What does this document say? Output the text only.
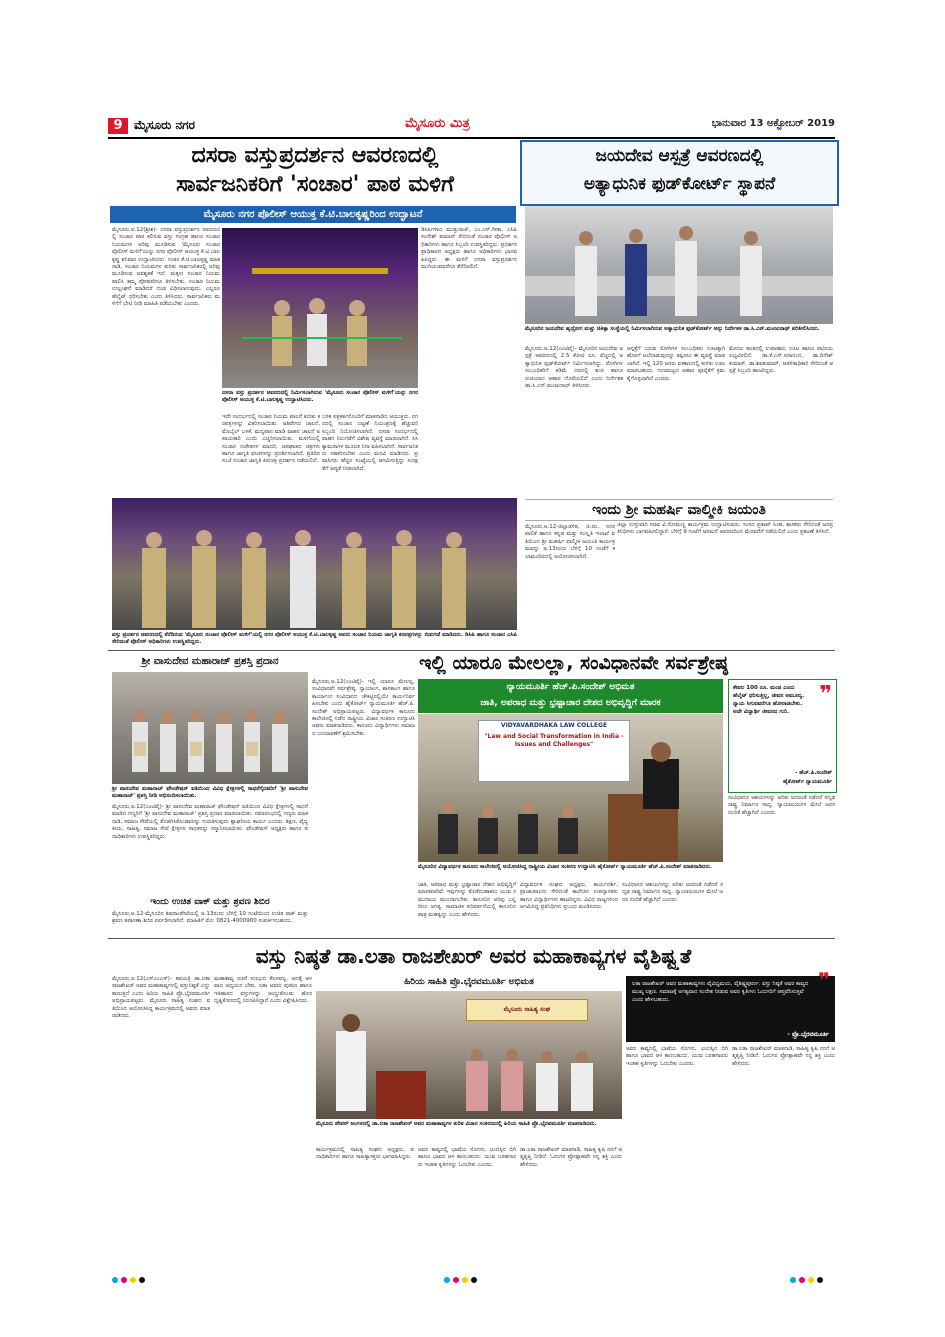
9 ಮೈಸೂರು ನಗರ	ಮೈಸೂರು ಮಿತ್ರ	ಭಾನುವಾರ 13 ಅಕ್ಟೋಬರ್ 2019
ದಸರಾ ವಸ್ತುಪ್ರದರ್ಶನ ಆವರಣದಲ್ಲಿ
ಸಾರ್ವಜನಿಕರಿಗೆ 'ಸಂಚಾರ' ಪಾಠ ಮಳಿಗೆ
ಮೈಸೂರು ನಗರ ಪೊಲೀಸ್ ಆಯುಕ್ತ ಕೆ.ಟಿ.ಬಾಲಕೃಷ್ಣರಿಂದ ಉದ್ಘಾಟನೆ
ಮೈಸೂರು,ಅ.12(ಶ್ರೀಶ)- ದಸರಾ ವಸ್ತುಪ್ರದರ್ಶನ ಆವರಣದಲ್ಲಿ ಸಂಚಾರ ಪಾಠ ಕಲಿಸುವ ವಸ್ತು ಸಂಗ್ರಹ ಹಾಗೂ ಸಂಚಾರ ನಿಯಮಗಳ ಅರಿವು ಮೂಡಿಸುವ 'ಮೈಸೂರು ಸಂಚಾರ ಪೊಲೀಸ್ ಮಳಿಗೆ'ಯನ್ನು ನಗರ ಪೊಲೀಸ್ ಆಯುಕ್ತ ಕೆ.ಟಿ.ಬಾಲಕೃಷ್ಣ ಶನಿವಾರ ಉದ್ಘಾಟಿಸಿದರು. ನಂತರ ಕೆ.ಟಿ.ಬಾಲಕೃಷ್ಣ ಮಾತನಾಡಿ, ಸಂಚಾರ ನಿಯಮಗಳ ಕುರಿತು ಸಾರ್ವಜನಿಕರಲ್ಲಿ ಅರಿವು ಮೂಡಿಸುವ ಅವಶ್ಯಕತೆ ಇದೆ. ಮಕ್ಕಳು ಸಂಚಾರ ನಿಯಮ ಪಾಲಿಸಿ ತಮ್ಮ ಪೋಷಕರಿಗೂ ತಿಳಿಸಬೇಕು. ಸಂಚಾರ ನಿಯಮ ಉಲ್ಲಂಘನೆ ಮಾಡಿದರೆ ದಂಡ ವಿಧಿಸಲಾಗುವುದು. ಎಲ್ಲರೂ ಹೆಲ್ಮೆಟ್ ಧರಿಸಬೇಕು ಎಂದು ತಿಳಿಸಿದರು. ಸಾರ್ವಜನಿಕರು ಮಳಿಗೆಗೆ ಭೇಟಿ ನೀಡಿ ಮಾಹಿತಿ ಪಡೆಯಬೇಕು ಎಂದರು.
ದಸರಾ ವಸ್ತು ಪ್ರದರ್ಶನ ಆವರಣದಲ್ಲಿ ನಿರ್ಮಿಸಲಾಗಿರುವ 'ಮೈಸೂರು ಸಂಚಾರ ಪೊಲೀಸ್ ಮಳಿಗೆ'ಯನ್ನು ನಗರ ಪೊಲೀಸ್ ಆಯುಕ್ತ ಕೆ.ಟಿ.ಬಾಲಕೃಷ್ಣ ಉದ್ಘಾಟಿಸಿದರು.
ಡಿಸಿಪಿಗಳಾದ ಮುತ್ತುರಾಜ್, ಎಂ.ಎಸ್.ಗೀತಾ, ಎಸಿಪಿ ಸಂದೇಶ್ ಕುಮಾರ್ ಸೇರಿದಂತೆ ಸಂಚಾರ ಪೊಲೀಸ್ ಅಧಿಕಾರಿಗಳು ಹಾಗೂ ಸಿಬ್ಬಂದಿ ಉಪಸ್ಥಿತರಿದ್ದರು. ಪ್ರದರ್ಶನ ಪ್ರಾಧಿಕಾರದ ಅಧ್ಯಕ್ಷರು ಹಾಗೂ ಅಧಿಕಾರಿಗಳು ಭಾಗವಹಿಸಿದ್ದರು. ಈ ಮಳಿಗೆ ದಸರಾ ವಸ್ತುಪ್ರದರ್ಶನ ಮುಗಿಯುವವರೆಗೂ ತೆರೆದಿರಲಿದೆ.
ಇದೇ ಸಂದರ್ಭದಲ್ಲಿ ಸಂಚಾರ ನಿಯಮ ಪಾಲನೆ ಕುರಿತು ಕರಪತ್ರಗಳನ್ನು ವಿತರಿಸಲಾಯಿತು. ಅತಿವೇಗದ ಚಾಲನೆ, ಮೊಬೈಲ್ ಬಳಕೆ, ಮದ್ಯಪಾನ ಮಾಡಿ ವಾಹನ ಚಾಲನೆ ಅಪಾಯಕಾರಿ ಎಂದು ಎಚ್ಚರಿಸಲಾಯಿತು. ಮಳಿಗೆಯಲ್ಲಿ ಸಂಚಾರ ಸಂಕೇತಗಳ ಮಾದರಿ, ಅಪಘಾತದ ಚಿತ್ರಗಳು ಹಾಗೂ ಜಾಗೃತಿ ಫಲಕಗಳನ್ನು ಪ್ರದರ್ಶಿಸಲಾಗಿದೆ. ಪ್ರತಿದಿನ ಸಂಜೆ ಸಂಚಾರ ಜಾಗೃತಿ ಕಿರುಚಿತ್ರ ಪ್ರದರ್ಶನ ನಡೆಯಲಿದೆ.
ಬಳಿಕ ಪತ್ರಕರ್ತರೊಂದಿಗೆ ಮಾತನಾಡಿದ ಆಯುಕ್ತರು, ನಗರದಲ್ಲಿ ಸಂಚಾರ ದಟ್ಟಣೆ ನಿಯಂತ್ರಣಕ್ಕೆ ಹೆಚ್ಚುವರಿ ಸಿಬ್ಬಂದಿ ನಿಯೋಜಿಸಲಾಗಿದೆ. ದಸರಾ ಸಂದರ್ಭದಲ್ಲಿ ವಾಹನ ನಿಲುಗಡೆಗೆ ವಿಶೇಷ ವ್ಯವಸ್ಥೆ ಮಾಡಲಾಗಿದೆ. ಸಿಸಿ ಕ್ಯಾಮರಾಗಳ ಮೂಲಕ ನಿಗಾ ವಹಿಸಲಾಗಿದೆ. ಸಾರ್ವಜನಿಕರು ಸಹಕರಿಸಬೇಕು ಎಂದು ಮನವಿ ಮಾಡಿದರು. ಪ್ರವಾಸಿಗರು ಹೆಚ್ಚಿನ ಸಂಖ್ಯೆಯಲ್ಲಿ ಆಗಮಿಸುತ್ತಿದ್ದು ಸುರಕ್ಷತೆಗೆ ಆದ್ಯತೆ ನೀಡಲಾಗಿದೆ.
ವಸ್ತು ಪ್ರದರ್ಶನ ಆವರಣದಲ್ಲಿ ತೆರೆದಿರುವ 'ಮೈಸೂರು ಸಂಚಾರ ಪೊಲೀಸ್ ಮಳಿಗೆ'ಯಲ್ಲಿ ನಗರ ಪೊಲೀಸ್ ಆಯುಕ್ತ ಕೆ.ಟಿ.ಬಾಲಕೃಷ್ಣ ಅವರು ಸಂಚಾರ ನಿಯಮ ಜಾಗೃತಿ ಕರಪತ್ರಗಳನ್ನು ಬಿಡುಗಡೆ ಮಾಡಿದರು. ಡಿಸಿಪಿ ಹಾಗೂ ಸಂಚಾರ ಎಸಿಪಿ ಸೇರಿದಂತೆ ಪೊಲೀಸ್ ಅಧಿಕಾರಿಗಳು ಉಪಸ್ಥಿತರಿದ್ದರು.
ಜಯದೇವ ಆಸ್ಪತ್ರೆ ಆವರಣದಲ್ಲಿ
ಅತ್ಯಾಧುನಿಕ ಫುಡ್‌ಕೋರ್ಟ್ ಸ್ಥಾಪನೆ
ಮೈಸೂರಿನ ಜಯದೇವ ಹೃದ್ರೋಗ ಮತ್ತು ಚಿಕಿತ್ಸಾ ಸಂಸ್ಥೆಯಲ್ಲಿ ನಿರ್ಮಿಸಲಾಗಿರುವ ಅತ್ಯಾಧುನಿಕ ಫುಡ್‌ಕೋರ್ಟ್ ಅನ್ನು ನಿರ್ದೇಶಕ ಡಾ.ಸಿ.ಎನ್.ಮಂಜುನಾಥ್ ಪರಿಶೀಲಿಸಿದರು.
ಮೈಸೂರು,ಅ.12(ಎಂಟಿವೈ)- ಮೈಸೂರಿನ ಜಯದೇವ ಆಸ್ಪತ್ರೆ ಆವರಣದಲ್ಲಿ 2.5 ಕೋಟಿ ರೂ. ವೆಚ್ಚದಲ್ಲಿ ಅತ್ಯಾಧುನಿಕ ಫುಡ್‌ಕೋರ್ಟ್ ನಿರ್ಮಿಸಲಾಗಿದ್ದು, ರೋಗಿಗಳ ಸಂಬಂಧಿಕರಿಗೆ ಕಡಿಮೆ ದರದಲ್ಲಿ ಶುಚಿ ಹಾಗೂ ರುಚಿಯಾದ ಆಹಾರ ದೊರೆಯಲಿದೆ ಎಂದು ನಿರ್ದೇಶಕ ಡಾ.ಸಿ.ಎನ್.ಮಂಜುನಾಥ್ ತಿಳಿಸಿದರು.
ಆಸ್ಪತ್ರೆಗೆ ಬರುವ ರೋಗಿಗಳ ಸಂಬಂಧಿಕರು ಊಟಕ್ಕಾಗಿ ಹೊರಗೆ ಅಲೆದಾಡುವುದನ್ನು ತಪ್ಪಿಸಲು ಈ ವ್ಯವಸ್ಥೆ ಮಾಡಲಾಗಿದೆ. ಇಲ್ಲಿ 120 ಜನರು ಏಕಕಾಲದಲ್ಲಿ ಕುಳಿತು ಊಟ ಮಾಡಬಹುದು. ಗುಣಮಟ್ಟದ ಆಹಾರ ಪೂರೈಕೆಗೆ ಕ್ರಮ ಕೈಗೊಳ್ಳಲಾಗಿದೆ ಎಂದರು.
ಮೊದಲ ಹಂತದಲ್ಲಿ ಉಪಾಹಾರ, ಊಟ ಹಾಗೂ ಪಾನೀಯ ಲಭ್ಯವಿರಲಿದೆ. ಡಾ.ಕೆ.ಎಸ್.ಸದಾನಂದ, ಡಾ.ದಿನೇಶ್ ಕುಮಾರ್, ಡಾ.ಶಿವಕುಮಾರ್, ಆಡಳಿತಾಧಿಕಾರಿ ಸೇರಿದಂತೆ ಆಸ್ಪತ್ರೆ ಸಿಬ್ಬಂದಿ ಹಾಜರಿದ್ದರು.
ಇಂದು ಶ್ರೀ ಮಹರ್ಷಿ ವಾಲ್ಮೀಕಿ ಜಯಂತಿ
ಮೈಸೂರು,ಅ.12-ಜಿಲ್ಲಾಡಳಿತ, ಜಿ.ಪಂ, ನಗರಪಾಲಿಕೆ ಹಾಗೂ ಕನ್ನಡ ಮತ್ತು ಸಂಸ್ಕೃತಿ ಇಲಾಖೆ ವತಿಯಿಂದ ಶ್ರೀ ಮಹರ್ಷಿ ವಾಲ್ಮೀಕಿ ಜಯಂತಿ ಕಾರ್ಯಕ್ರಮವನ್ನು ಅ.13ರಂದು ಬೆಳಿಗ್ಗೆ 10 ಗಂಟೆಗೆ ಕಲಾಮಂದಿರದಲ್ಲಿ ಆಯೋಜಿಸಲಾಗಿದೆ.
ಜಿಲ್ಲಾ ಉಸ್ತುವಾರಿ ಸಚಿವ ವಿ.ಸೋಮಣ್ಣ ಕಾರ್ಯಕ್ರಮ ಉದ್ಘಾಟಿಸುವರು. ಸಂಸದ ಪ್ರತಾಪ್ ಸಿಂಹ, ಶಾಸಕರು ಸೇರಿದಂತೆ ಜನಪ್ರತಿನಿಧಿಗಳು ಭಾಗವಹಿಸಲಿದ್ದಾರೆ. ಬೆಳಿಗ್ಗೆ 9 ಗಂಟೆಗೆ ಅರಮನೆ ಆವರಣದಿಂದ ಮೆರವಣಿಗೆ ನಡೆಯಲಿದೆ ಎಂದು ಪ್ರಕಟಣೆ ತಿಳಿಸಿದೆ.
ಶ್ರೀ ವಾಸುದೇವ ಮಹಾರಾಜ್ ಪ್ರಶಸ್ತಿ ಪ್ರದಾನ
ಶ್ರೀ ವಾಸುದೇವ ಮಹಾರಾಜ್ ಫೌಂಡೇಷನ್ ವತಿಯಿಂದ ವಿವಿಧ ಕ್ಷೇತ್ರಗಳಲ್ಲಿ ಸಾಧನೆಗೈದವರಿಗೆ 'ಶ್ರೀ ವಾಸುದೇವ ಮಹಾರಾಜ್' ಪ್ರಶಸ್ತಿ ನೀಡಿ ಅಭಿನಂದಿಸಲಾಯಿತು.
ಮೈಸೂರು,ಅ.12(ಎಂಟಿವೈ)- ಶ್ರೀ ವಾಸುದೇವ ಮಹಾರಾಜ್ ಫೌಂಡೇಷನ್ ವತಿಯಿಂದ ವಿವಿಧ ಕ್ಷೇತ್ರಗಳಲ್ಲಿ ಸಾಧನೆ ಮಾಡಿದ ಗಣ್ಯರಿಗೆ 'ಶ್ರೀ ವಾಸುದೇವ ಮಹಾರಾಜ್' ಪ್ರಶಸ್ತಿ ಪ್ರದಾನ ಮಾಡಲಾಯಿತು. ಸಮಾರಂಭದಲ್ಲಿ ಗಣ್ಯರು ಮಾತನಾಡಿ, ಸಮಾಜ ಸೇವೆಯಲ್ಲಿ ತೊಡಗಿಸಿಕೊಂಡವರನ್ನು ಗುರುತಿಸುವುದು ಶ್ಲಾಘನೀಯ ಕಾರ್ಯ ಎಂದರು. ಶಿಕ್ಷಣ, ವೈದ್ಯಕೀಯ, ಸಾಹಿತ್ಯ, ಸಮಾಜ ಸೇವೆ ಕ್ಷೇತ್ರಗಳ ಸಾಧಕರನ್ನು ಸನ್ಮಾನಿಸಲಾಯಿತು. ಫೌಂಡೇಷನ್ ಅಧ್ಯಕ್ಷರು ಹಾಗೂ ಪದಾಧಿಕಾರಿಗಳು ಉಪಸ್ಥಿತರಿದ್ದರು.
ಇಂದು ಉಚಿತ ವಾಕ್ ಮತ್ತು ಶ್ರವಣ ಶಿಬಿರ
ಮೈಸೂರು,ಅ.12-ಮೈಸೂರಿನ ಶಿವರಾಂಪೇಟೆಯಲ್ಲಿ ಅ.13ರಂದು ಬೆಳಿಗ್ಗೆ 10 ಗಂಟೆಯಿಂದ ಉಚಿತ ವಾಕ್ ಮತ್ತು ಶ್ರವಣ ತಪಾಸಣಾ ಶಿಬಿರ ಏರ್ಪಡಿಸಲಾಗಿದೆ. ಮಾಹಿತಿಗೆ ಮೊ: 0821-4000900 ಸಂಪರ್ಕಿಸಬಹುದು.
ಇಲ್ಲಿ ಯಾರೂ ಮೇಲಲ್ಲಾ, ಸಂವಿಧಾನವೇ ಸರ್ವಶ್ರೇಷ್ಠ
ಮೈಸೂರು,ಅ.12(ಎಂಟಿವೈ)- ಇಲ್ಲಿ ಯಾರೂ ಮೇಲಲ್ಲ, ಸಂವಿಧಾನವೇ ಸರ್ವಶ್ರೇಷ್ಠ. ನ್ಯಾಯಾಂಗ, ಶಾಸಕಾಂಗ ಹಾಗೂ ಕಾರ್ಯಾಂಗ ಸಂವಿಧಾನದ ಚೌಕಟ್ಟಿನಲ್ಲಿಯೇ ಕಾರ್ಯನಿರ್ವಹಿಸಬೇಕು ಎಂದು ಹೈಕೋರ್ಟ್ ನ್ಯಾಯಮೂರ್ತಿ ಹೆಚ್.ಪಿ.ಸಂದೇಶ್ ಅಭಿಪ್ರಾಯಪಟ್ಟರು. ವಿದ್ಯಾವರ್ಧಕ ಕಾನೂನು ಕಾಲೇಜಿನಲ್ಲಿ ನಡೆದ ರಾಷ್ಟ್ರೀಯ ವಿಚಾರ ಸಂಕಿರಣ ಉದ್ಘಾಟಿಸಿ ಅವರು ಮಾತನಾಡಿದರು. ಕಾನೂನು ವಿದ್ಯಾರ್ಥಿಗಳು ಸಮಾಜದ ಬದಲಾವಣೆಗೆ ಶ್ರಮಿಸಬೇಕು.
ನ್ಯಾಯಮೂರ್ತಿ ಹೆಚ್.ಪಿ.ಸಂದೇಶ್ ಅಭಿಮತ
ಜಾತಿ, ಅಪರಾಧ ಮತ್ತು ಭ್ರಷ್ಟಾಚಾರ ದೇಶದ ಅಭಿವೃದ್ಧಿಗೆ ಮಾರಕ
VIDYAVARDHAKA LAW COLLEGE
"Law and Social Transformation in India - Issues and Challenges"
ಮೈಸೂರಿನ ವಿದ್ಯಾವರ್ಧಕ ಕಾನೂನು ಕಾಲೇಜಿನಲ್ಲಿ ಆಯೋಜಿಸಿದ್ದ ರಾಷ್ಟ್ರೀಯ ವಿಚಾರ ಸಂಕಿರಣ ಉದ್ಘಾಟಿಸಿ ಹೈಕೋರ್ಟ್ ನ್ಯಾಯಮೂರ್ತಿ ಹೆಚ್.ಪಿ.ಸಂದೇಶ್ ಮಾತನಾಡಿದರು.
ಜಾತಿ, ಅಪರಾಧ ಮತ್ತು ಭ್ರಷ್ಟಾಚಾರ ದೇಶದ ಅಭಿವೃದ್ಧಿಗೆ ಮಾರಕವಾಗಿವೆ. ಇವುಗಳನ್ನು ತೊಡೆದುಹಾಕಲು ಯುವ ಸಮುದಾಯ ಮುಂದಾಗಬೇಕು. ಕಾನೂನಿನ ಅರಿವು ಎಲ್ಲರಿಗೂ ಅಗತ್ಯ. ಸಾಮಾಜಿಕ ಪರಿವರ್ತನೆಯಲ್ಲಿ ಕಾನೂನಿನ ಪಾತ್ರ ಮಹತ್ವದ್ದು ಎಂದು ಹೇಳಿದರು.
ವಿದ್ಯಾವರ್ಧಕ ಸಂಘದ ಅಧ್ಯಕ್ಷರು, ಕಾರ್ಯದರ್ಶಿ, ಪ್ರಾಂಶುಪಾಲರು ಸೇರಿದಂತೆ ಕಾಲೇಜಿನ ಉಪನ್ಯಾಸಕರು ಹಾಗೂ ವಿದ್ಯಾರ್ಥಿಗಳು ಹಾಜರಿದ್ದರು. ವಿವಿಧ ರಾಜ್ಯಗಳಿಂದ ಆಗಮಿಸಿದ್ದ ಪ್ರತಿನಿಧಿಗಳು ಪ್ರಬಂಧ ಮಂಡಿಸಿದರು.
ಸಂವಿಧಾನದ ಆಶಯಗಳನ್ನು ಅರಿತು ಅದರಂತೆ ನಡೆದರೆ ಸದೃಢ ರಾಷ್ಟ್ರ ನಿರ್ಮಾಣ ಸಾಧ್ಯ. ನ್ಯಾಯಾಲಯಗಳ ಮೇಲೆ ಜನರ ನಂಬಿಕೆ ಹೆಚ್ಚಾಗಿದೆ ಎಂದರು.
❞
ಕೇವಲ 100 ರೂ. ಮಂಡ ಎಂದು ಹೆಲ್ಮೆಟ್ ಧರಿಸುತ್ತಿಲ್ಲ, ಜೀವನ ಅಮೂಲ್ಯ. ನ್ಯಾಯ ಸಿಗುವವರೆಗೂ ಹೋರಾಡಬೇಕು. ಅದೇ ವಿದ್ಯಾರ್ಥಿ ಜೀವನದ ಗುರಿ.
- ಹೆಚ್.ಪಿ.ಸಂದೇಶ್
ಹೈಕೋರ್ಟ್ ನ್ಯಾಯಮೂರ್ತಿ
ಸಂವಿಧಾನದ ಆಶಯಗಳನ್ನು ಅರಿತು ಅದರಂತೆ ನಡೆದರೆ ಸದೃಢ ರಾಷ್ಟ್ರ ನಿರ್ಮಾಣ ಸಾಧ್ಯ. ನ್ಯಾಯಾಲಯಗಳ ಮೇಲೆ ಜನರ ನಂಬಿಕೆ ಹೆಚ್ಚಾಗಿದೆ ಎಂದರು.
ವಸ್ತು ನಿಷ್ಠತೆ ಡಾ.ಲತಾ ರಾಜಶೇಖರ್ ಅವರ ಮಹಾಕಾವ್ಯಗಳ ವೈಶಿಷ್ಟ್ಯತೆ
ಮೈಸೂರು,ಅ.12(ಎಸ್‌ಎಂಎಸ್)- ಕವಯತ್ರಿ ಡಾ.ಲತಾ ರಾಜಶೇಖರ್ ಅವರ ಮಹಾಕಾವ್ಯಗಳಲ್ಲಿ ವಸ್ತುನಿಷ್ಠತೆ ಎದ್ದು ಕಾಣುತ್ತದೆ ಎಂದು ಹಿರಿಯ ಸಾಹಿತಿ ಪ್ರೊ.ಭೈರವಮೂರ್ತಿ ಅಭಿಪ್ರಾಯಪಟ್ಟರು. ಮೈಸೂರು ಸಾಹಿತ್ಯ ಸಂಘದ ವತಿಯಿಂದ ಆಯೋಜಿಸಿದ್ದ ಕಾರ್ಯಕ್ರಮದಲ್ಲಿ ಅವರು ಮಾತನಾಡಿದರು.
ಮಹಾಕಾವ್ಯ ರಚನೆ ಸುಲಭದ ಕೆಲಸವಲ್ಲ. ಅದಕ್ಕೆ ಆಳವಾದ ಅಧ್ಯಯನ ಬೇಕು. ಲತಾ ಅವರು ಪುರಾಣ ಹಾಗೂ ಇತಿಹಾಸದ ವಸ್ತುಗಳನ್ನು ಆಯ್ದುಕೊಂಡು ಹೊಸ ದೃಷ್ಟಿಕೋನದಲ್ಲಿ ನಿರೂಪಿಸಿದ್ದಾರೆ ಎಂದು ವಿಶ್ಲೇಷಿಸಿದರು.
ಹಿರಿಯ ಸಾಹಿತಿ ಪ್ರೊ.ಭೈರವಮೂರ್ತಿ ಅಭಿಮತ
ಮೈಸೂರು ಸಾಹಿತ್ಯ ಸಂಘ
ಮೈಸೂರು ಪೇಪರ್ ಅಂಗಳದಲ್ಲಿ ಡಾ.ಲತಾ ರಾಜಶೇಖರ್ ಅವರ ಮಹಾಕಾವ್ಯಗಳ ಕುರಿತ ವಿಚಾರ ಸಂಕಿರಣದಲ್ಲಿ ಹಿರಿಯ ಸಾಹಿತಿ ಪ್ರೊ.ಭೈರವಮೂರ್ತಿ ಮಾತನಾಡಿದರು.
ಕಾರ್ಯಕ್ರಮದಲ್ಲಿ ಸಾಹಿತ್ಯ ಸಂಘದ ಅಧ್ಯಕ್ಷರು, ಪದಾಧಿಕಾರಿಗಳು ಹಾಗೂ ಸಾಹಿತ್ಯಾಸಕ್ತರು ಭಾಗವಹಿಸಿದ್ದರು.
ಅವರ ಕಾವ್ಯದಲ್ಲಿ ಭಾಷೆಯ ಸೊಗಸು, ಛಂದಸ್ಸಿನ ಬಿಗಿ ಹಾಗೂ ಭಾವದ ಆಳ ಕಾಣಬಹುದು. ಯುವ ಬರಹಗಾರರು ಇಂತಹ ಕೃತಿಗಳನ್ನು ಓದಬೇಕು ಎಂದರು.
ಡಾ.ಲತಾ ರಾಜಶೇಖರ್ ಮಾತನಾಡಿ, ಸಾಹಿತ್ಯ ಕೃಷಿ ನನಗೆ ಆತ್ಮತೃಪ್ತಿ ನೀಡಿದೆ. ಓದುಗರ ಪ್ರೋತ್ಸಾಹವೇ ನನ್ನ ಶಕ್ತಿ ಎಂದು ಹೇಳಿದರು.
❞
ಲತಾ ರಾಜಶೇಖರ್ ಅವರ ಮಹಾಕಾವ್ಯಗಳು ವೈವಿಧ್ಯಮಯ, ವೈಶಿಷ್ಟ್ಯಪೂರ್ಣ. ವಸ್ತು ನಿಷ್ಠತೆ ಅವರ ಕಾವ್ಯದ ಮುಖ್ಯ ಲಕ್ಷಣ. ಸಮಾಜಕ್ಕೆ ಅಗತ್ಯವಾದ ಸಂದೇಶ ನೀಡುವ ಅವರ ಕೃತಿಗಳು ಓದುಗರಿಗೆ ಆಪ್ತವೆನಿಸುತ್ತವೆ ಎಂದು ಹೇಳಬಹುದು.
- ಪ್ರೊ.ಭೈರವಮೂರ್ತಿ
ಅವರ ಕಾವ್ಯದಲ್ಲಿ ಭಾಷೆಯ ಸೊಗಸು, ಛಂದಸ್ಸಿನ ಬಿಗಿ ಹಾಗೂ ಭಾವದ ಆಳ ಕಾಣಬಹುದು. ಯುವ ಬರಹಗಾರರು ಇಂತಹ ಕೃತಿಗಳನ್ನು ಓದಬೇಕು ಎಂದರು.
ಡಾ.ಲತಾ ರಾಜಶೇಖರ್ ಮಾತನಾಡಿ, ಸಾಹಿತ್ಯ ಕೃಷಿ ನನಗೆ ಆತ್ಮತೃಪ್ತಿ ನೀಡಿದೆ. ಓದುಗರ ಪ್ರೋತ್ಸಾಹವೇ ನನ್ನ ಶಕ್ತಿ ಎಂದು ಹೇಳಿದರು.
